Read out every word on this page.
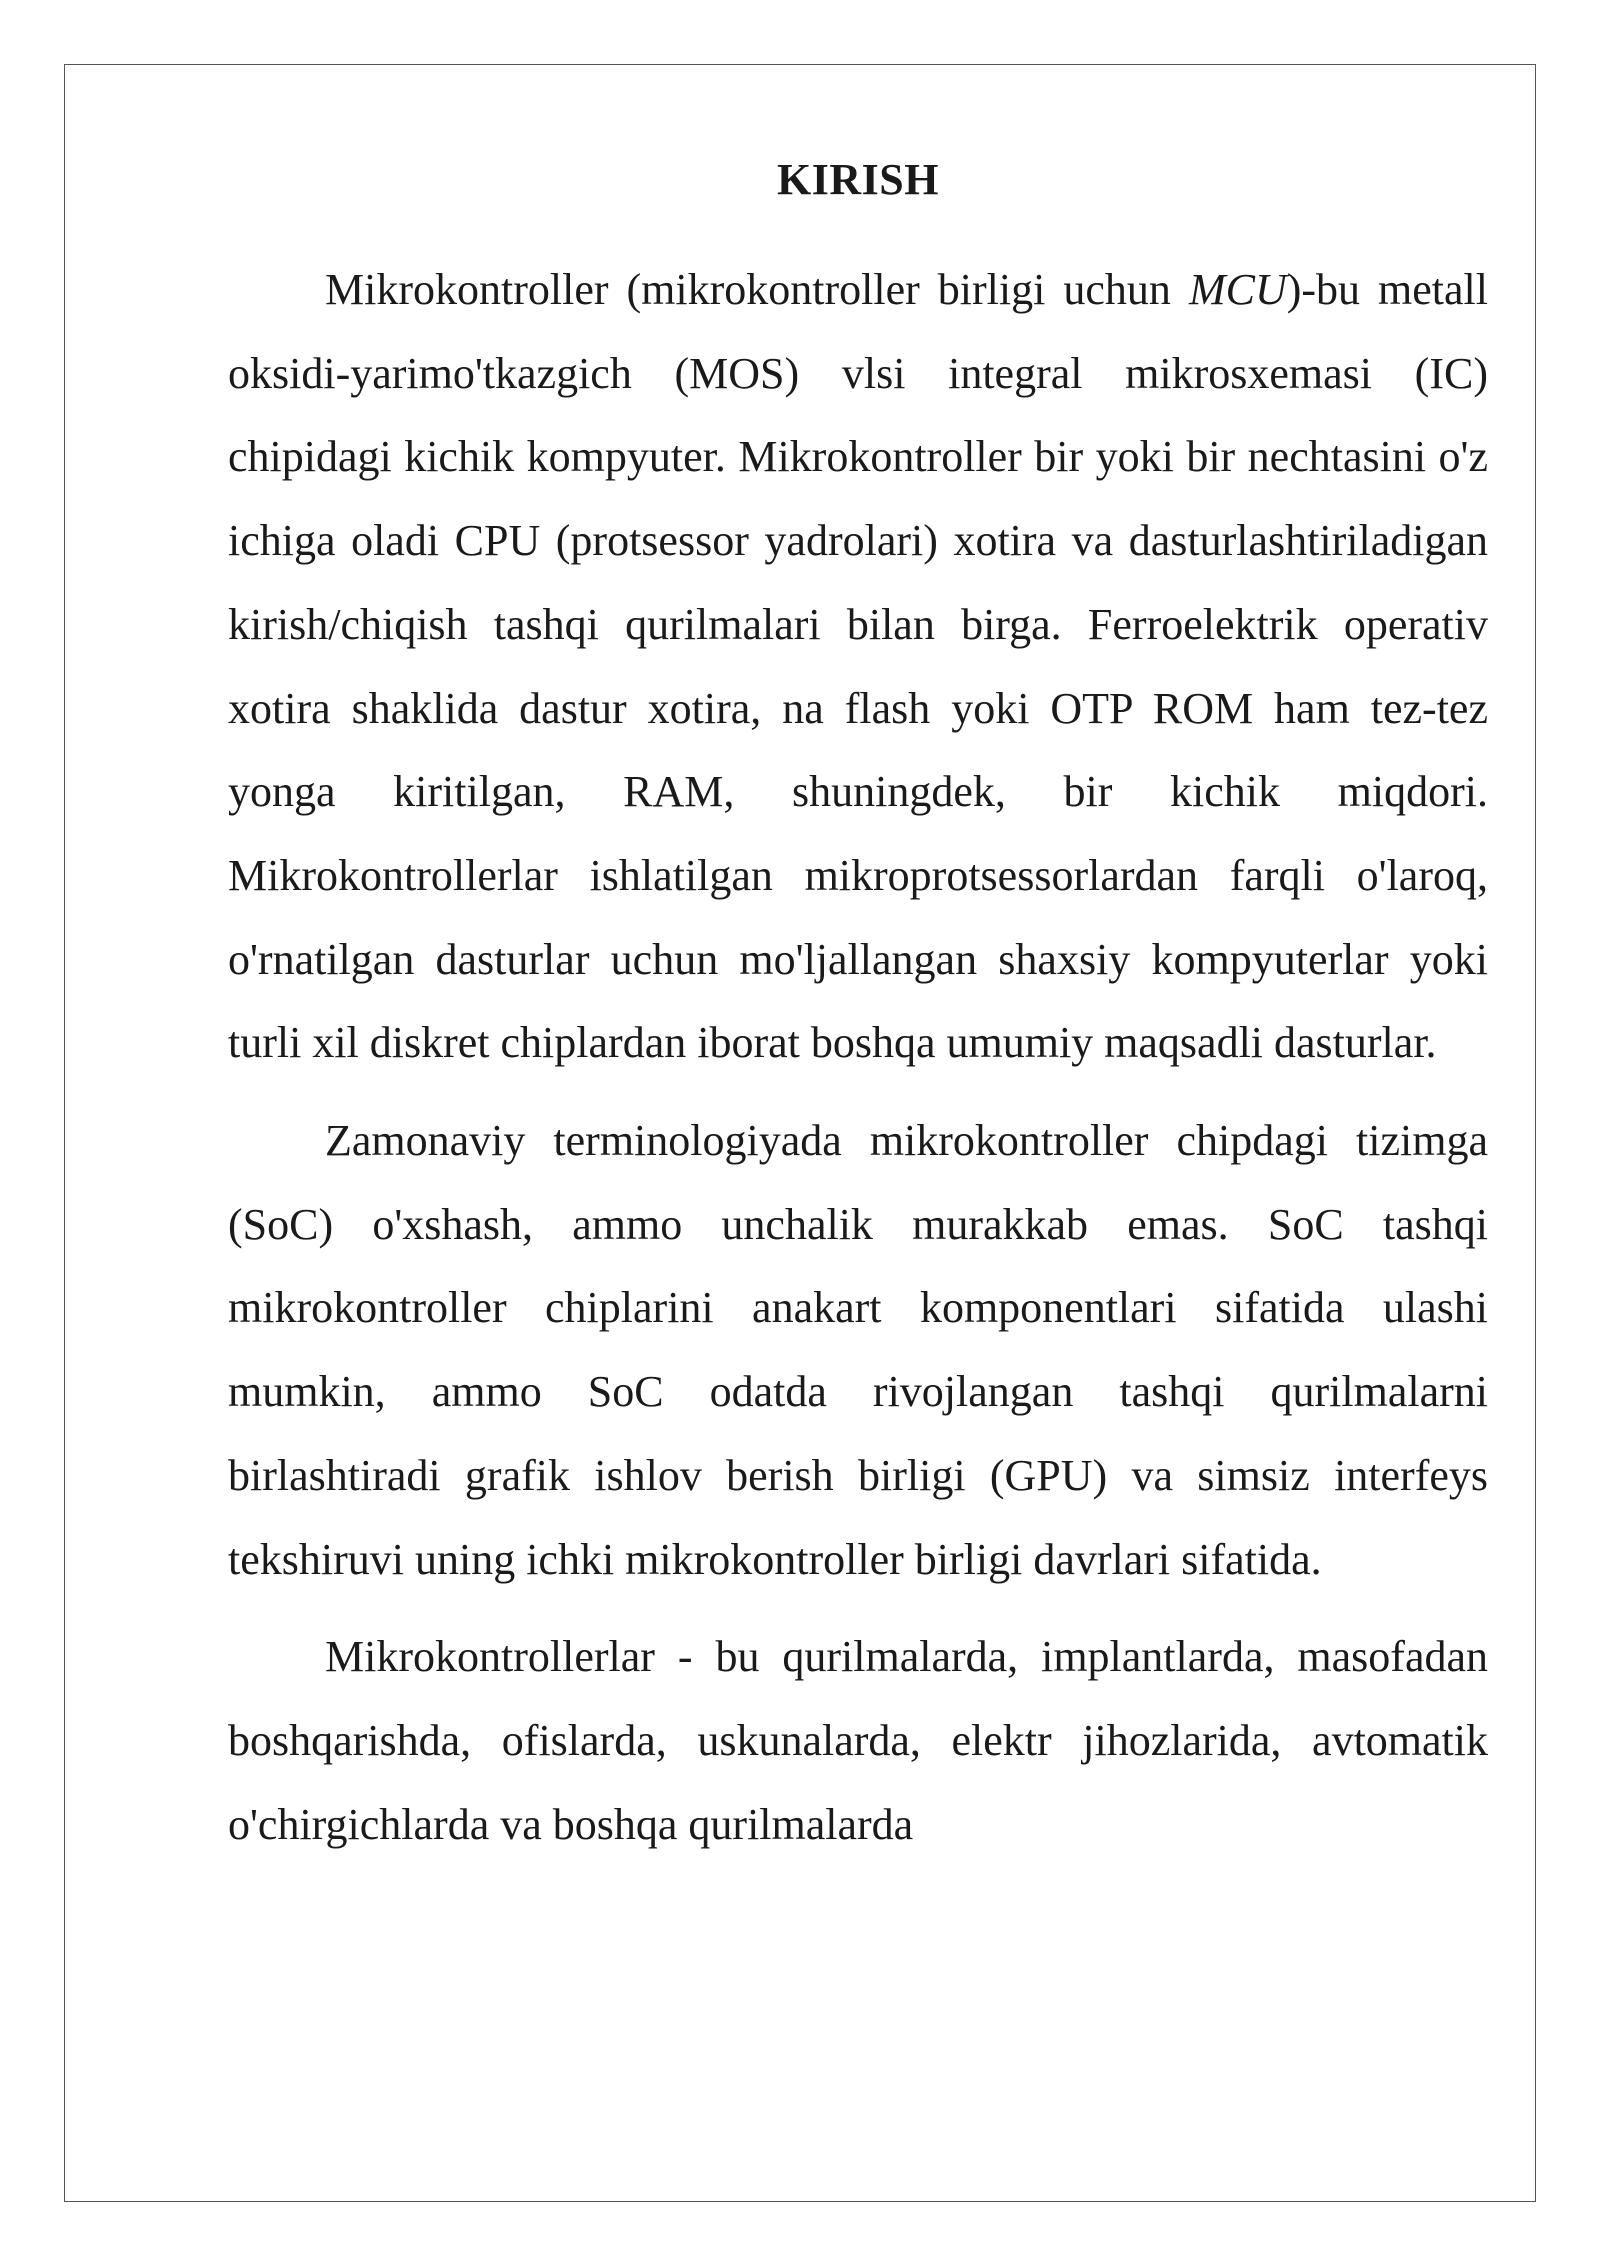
KIRISH

Mikrokontroller (mikrokontroller birligi uchun MCU)-bu metall oksidi-yarimo'tkazgich (MOS) vlsi integral mikrosxemasi (IC) chipidagi kichik kompyuter. Mikrokontroller bir yoki bir nechtasini o'z ichiga oladi CPU (protsessor yadrolari) xotira va dasturlashtiriladigan kirish/chiqish tashqi qurilmalari bilan birga. Ferroelektrik operativ xotira shaklida dastur xotira, na flash yoki OTP ROM ham tez-tez yonga kiritilgan, RAM, shuningdek, bir kichik miqdori. Mikrokontrollerlar ishlatilgan mikroprotsessorlardan farqli o'laroq, o'rnatilgan dasturlar uchun mo'ljallangan shaxsiy kompyuterlar yoki turli xil diskret chiplardan iborat boshqa umumiy maqsadli dasturlar.

Zamonaviy terminologiyada mikrokontroller chipdagi tizimga (SoC) o'xshash, ammo unchalik murakkab emas. SoC tashqi mikrokontroller chiplarini anakart komponentlari sifatida ulashi mumkin, ammo SoC odatda rivojlangan tashqi qurilmalarni birlashtiradi grafik ishlov berish birligi (GPU) va simsiz interfeys tekshiruvi uning ichki mikrokontroller birligi davrlari sifatida.

Mikrokontrollerlar - bu qurilmalarda, implantlarda, masofadan boshqarishda, ofislarda, uskunalarda, elektr jihozlarida, avtomatik o'chirgichlarda va boshqa qurilmalarda
